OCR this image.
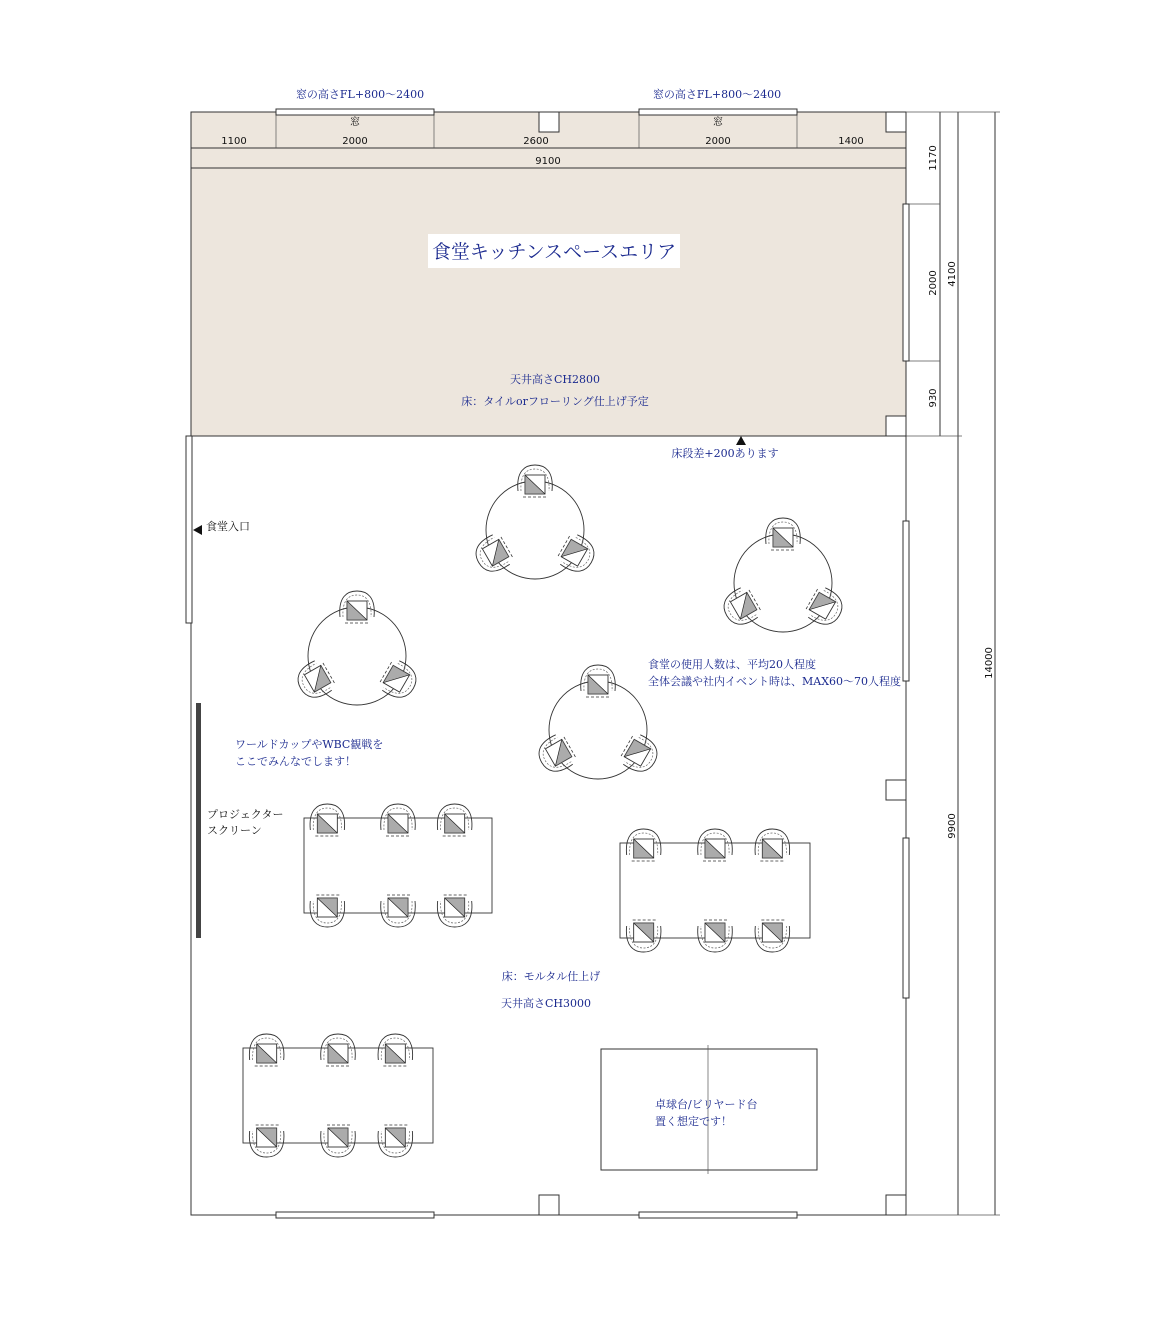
窓の高さFL+800〜2400	窓の高さFL+800〜2400
窓	窓
1100	2000	2600	2000	1400
9100	1170
2000
930
4100
9900
14000
食堂キッチンスペースエリア
天井高さCH2800
床：タイルorフローリング仕上げ予定
床段差+200あります
食堂入口
ワールドカップやWBC観戦を
ここでみんなでします！
プロジェクター
スクリーン
食堂の使用人数は、平均20人程度
全体会議や社内イベント時は、MAX60〜70人程度
床：モルタル仕上げ
天井高さCH3000
卓球台/ビリヤード台
置く想定です！
